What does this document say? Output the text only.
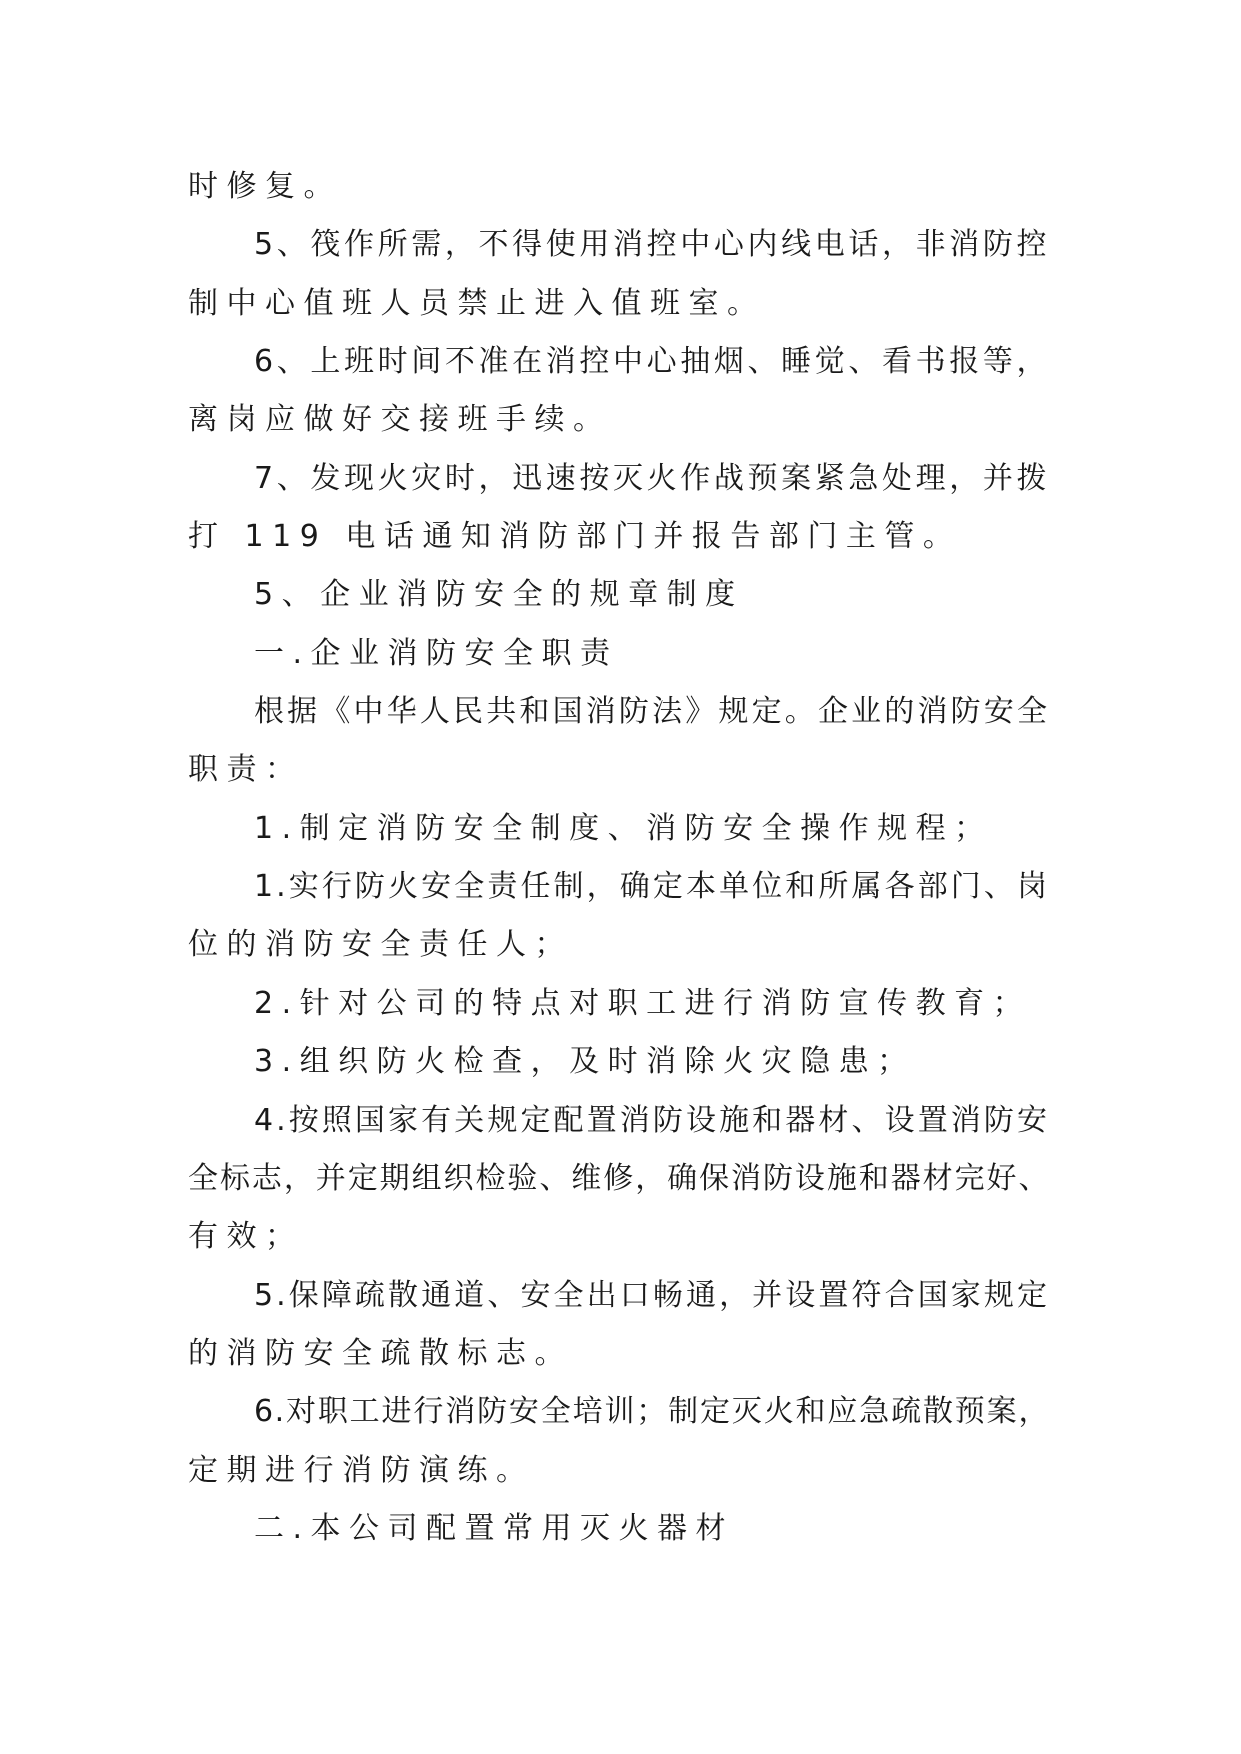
时修复。
5、筏作所需，不得使用消控中心内线电话，非消防控
制中心值班人员禁止进入值班室。
6、上班时间不准在消控中心抽烟、睡觉、看书报等，
离岗应做好交接班手续。
7、发现火灾时，迅速按灭火作战预案紧急处理，并拨
打 119 电话通知消防部门并报告部门主管。
5、企业消防安全的规章制度
一.企业消防安全职责
根据《中华人民共和国消防法》规定。企业的消防安全
职责：
1.制定消防安全制度、消防安全操作规程；
1.实行防火安全责任制，确定本单位和所属各部门、岗
位的消防安全责任人；
2.针对公司的特点对职工进行消防宣传教育；
3.组织防火检查，及时消除火灾隐患；
4.按照国家有关规定配置消防设施和器材、设置消防安
全标志，并定期组织检验、维修，确保消防设施和器材完好、
有效；
5.保障疏散通道、安全出口畅通，并设置符合国家规定
的消防安全疏散标志。
6.对职工进行消防安全培训；制定灭火和应急疏散预案，
定期进行消防演练。
二.本公司配置常用灭火器材
